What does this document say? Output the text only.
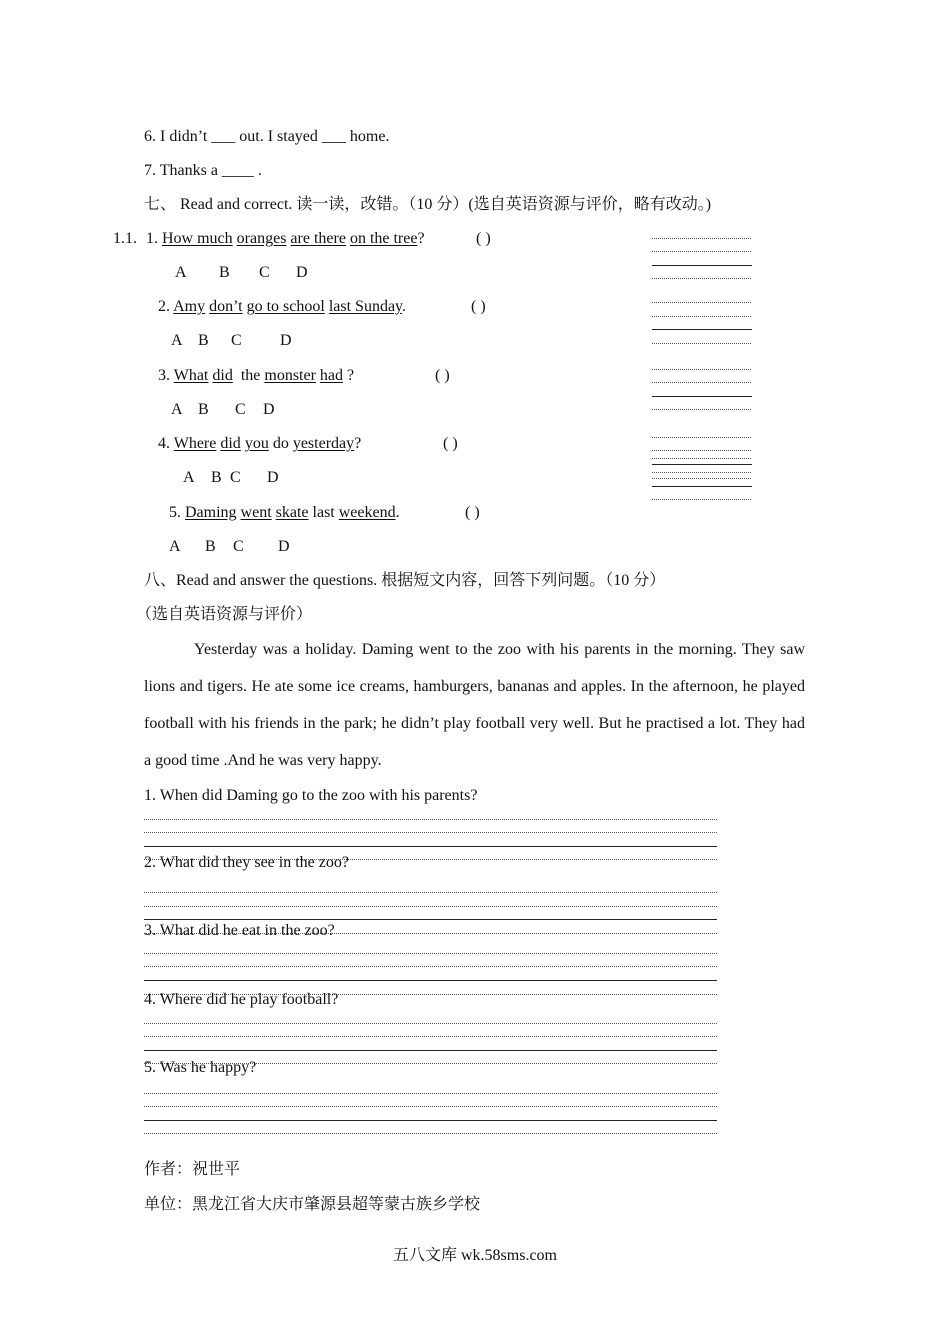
6. I didn’t ___ out. I stayed ___ home.
7. Thanks a ____ .
七、 Read and correct. 读一读，改错。（10 分）(选自英语资源与评价，略有改动。)
1.1. 1. How much oranges are there on the tree?	( )
A B C D
2. Amy don’t go to school last Sunday.	( )
A B C D
3. What did  the monster had ?	( )
A B C D
4. Where did you do yesterday?	( )
A B C D
5. Daming went skate last weekend.	( )
A B C D
八、Read and answer the questions. 根据短文内容，回答下列问题。（10 分）
（选自英语资源与评价）

Yesterday was a holiday. Daming went to the zoo with his parents in the morning. They saw lions and tigers. He ate some ice creams, hamburgers, bananas and apples. In the afternoon, he played football with his friends in the park; he didn’t play football very well. But he practised a lot. They had a good time .And he was very happy.

1. When did Daming go to the zoo with his parents?
2. What did they see in the zoo?
3. What did he eat in the zoo?
4. Where did he play football?
5. Was he happy?
作者：祝世平
单位：黑龙江省大庆市肇源县超等蒙古族乡学校
五八文库 wk.58sms.com
